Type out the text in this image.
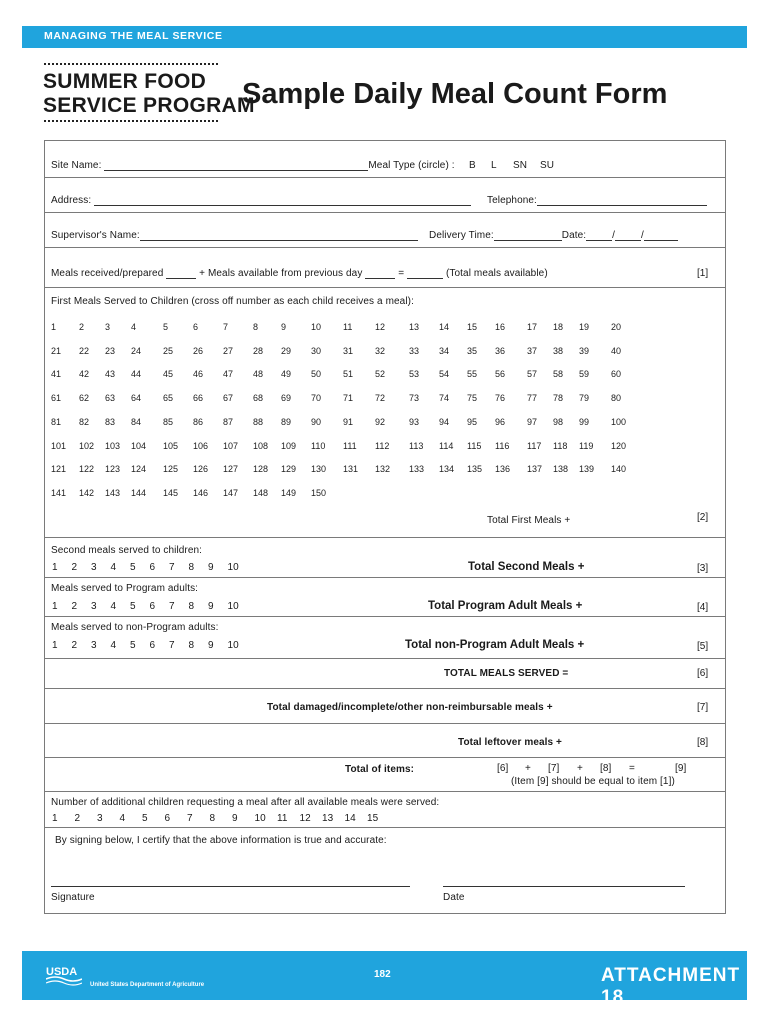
MANAGING THE MEAL SERVICE
SUMMER FOOD
SERVICE PROGRAM
Sample Daily Meal Count Form
Site Name:	Meal Type (circle) : B L SN SU
Address:	Telephone:
Supervisor's Name:	Delivery Time:	Date:	/	/
Meals received/prepared	+ Meals available from previous day	=	(Total meals available)	[1]
First Meals Served to Children (cross off number as each child receives a meal):
1	2 3 4	5	6	7	8	9	10 11	12	13 14 15 16 17 18 19 20
21 22 23 24 25 26 27 28 29 30 31 32	33 34 35 36 37 38 39 40
41 42 43 44 45 46 47 48 49 50 51 52	53 54 55 56 57 58 59 60
61 62 63 64 65 66 67 68 69 70 71 72	73 74 75 76 77 78 79 80
81 82 83 84 85 86 87 88 89 90 91 92	93 94 95 96 97 98 99 100
101 102 103 104 105 106 107 108 109 110 111 112 113 114 115 116 117 118 119 120
121 122 123 124 125 126 127 128 129 130 131 132 133 134 135 136 137 138 139 140
141 142 143 144 145 146 147 148 149 150
Total First Meals +	[2]
Second meals served to children:
1 2 3 4 5 6 7 8 9 10	Total Second Meals +	[3]
Meals served to Program adults:
1 2 3 4 5 6 7 8 9 10	Total Program Adult Meals +	[4]
Meals served to non-Program adults:
1 2 3 4 5 6 7 8 9 10	Total non-Program Adult Meals +	[5]
TOTAL MEALS SERVED =	[6]
Total damaged/incomplete/other non-reimbursable meals +	[7]
Total leftover meals +	[8]
Total of items:	[6] + [7] + [8] =	[9]
(Item [9] should be equal to item [1])
Number of additional children requesting a meal after all available meals were served:
1 2 3 4 5 6 7 8 9 10 11 12 13 14 15
By signing below, I certify that the above information is true and accurate:
Signature	Date
USDA
United States Department of Agriculture
182	ATTACHMENT 18
